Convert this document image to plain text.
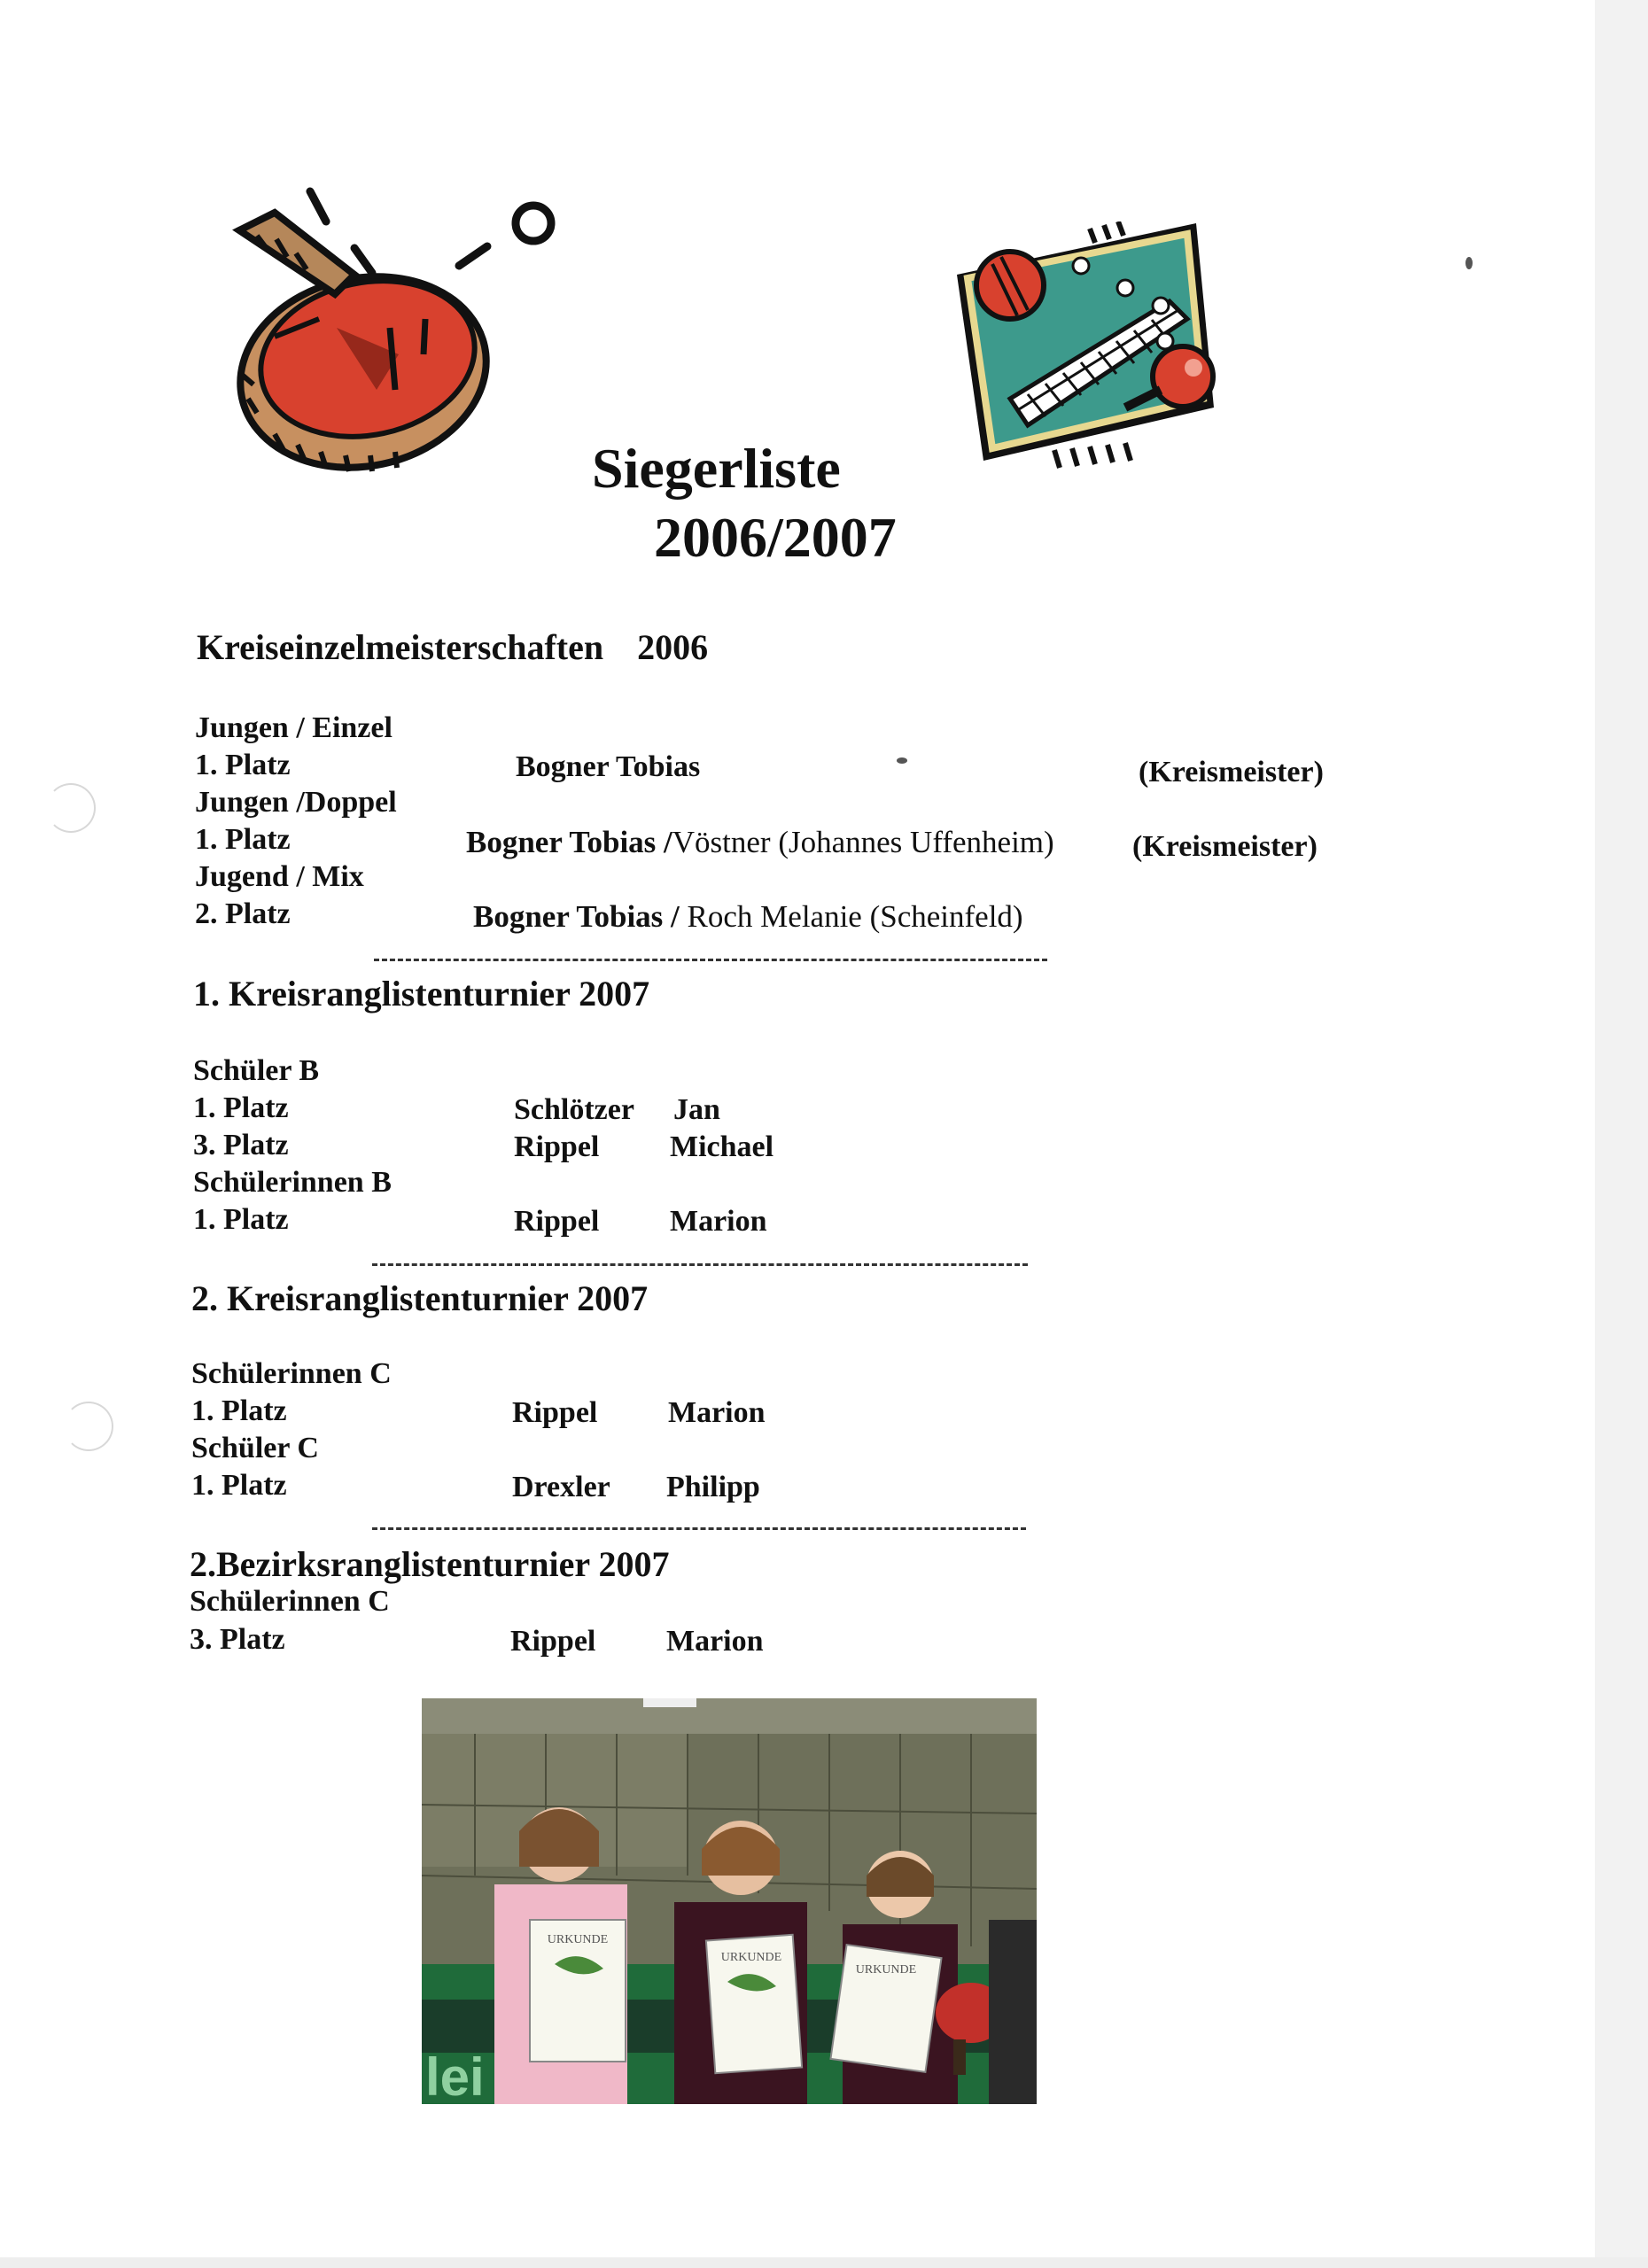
Siegerliste
2006/2007
Kreiseinzelmeisterschaften 2006
Jungen / Einzel
1. Platz	Bogner Tobias	(Kreismeister)
Jungen /Doppel
1. Platz	Bogner Tobias /Vöstner (Johannes Uffenheim)	(Kreismeister)
Jugend / Mix
2. Platz	Bogner Tobias / Roch Melanie (Scheinfeld)
1. Kreisranglistenturnier 2007
Schüler B
1. Platz	Schlötzer Jan
3. Platz	Rippel Michael
Schülerinnen B
1. Platz	Rippel Marion
2. Kreisranglistenturnier 2007
Schülerinnen C
1. Platz	Rippel Marion
Schüler C
1. Platz	Drexler Philipp
2.Bezirksranglistenturnier 2007
Schülerinnen C
3. Platz	Rippel Marion
lei
URKUNDE
URKUNDE
URKUNDE
